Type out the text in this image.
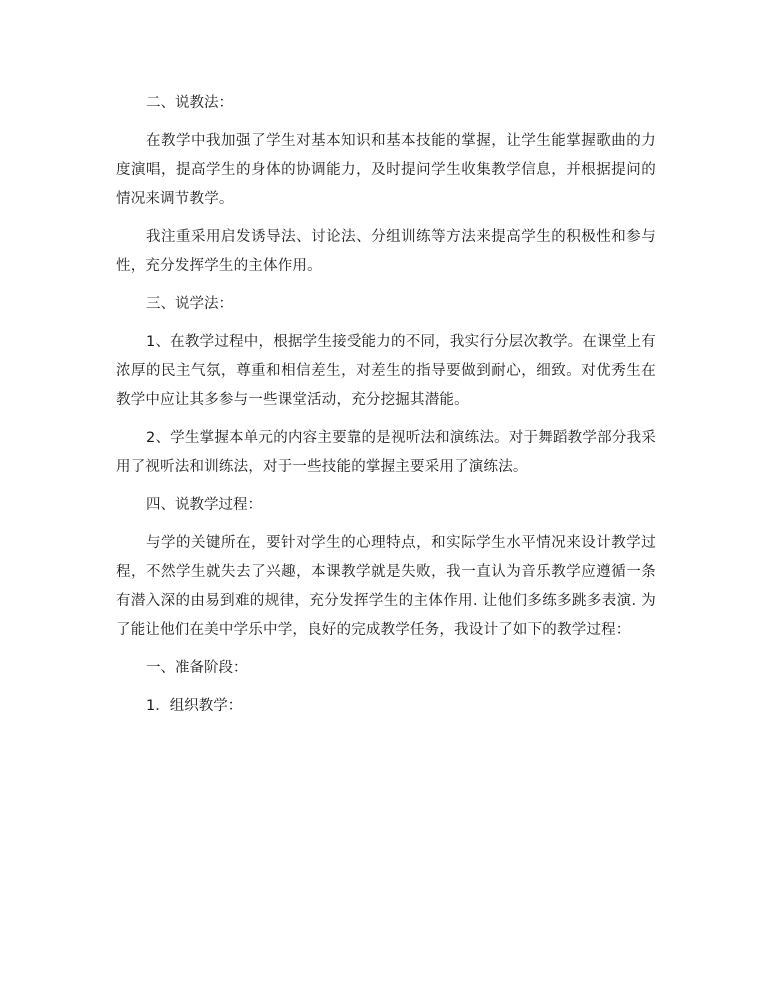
二、说教法：

在教学中我加强了学生对基本知识和基本技能的掌握，让学生能掌握歌曲的力度演唱，提高学生的身体的协调能力，及时提问学生收集教学信息，并根据提问的情况来调节教学。

我注重采用启发诱导法、讨论法、分组训练等方法来提高学生的积极性和参与性，充分发挥学生的主体作用。

三、说学法：

1、在教学过程中，根据学生接受能力的不同，我实行分层次教学。在课堂上有浓厚的民主气氛，尊重和相信差生，对差生的指导要做到耐心，细致。对优秀生在教学中应让其多参与一些课堂活动，充分挖掘其潜能。

2、学生掌握本单元的内容主要靠的是视听法和演练法。对于舞蹈教学部分我采用了视听法和训练法，对于一些技能的掌握主要采用了演练法。

四、说教学过程：

与学的关键所在，要针对学生的心理特点，和实际学生水平情况来设计教学过程，不然学生就失去了兴趣，本课教学就是失败，我一直认为音乐教学应遵循一条有潜入深的由易到难的规律，充分发挥学生的主体作用. 让他们多练多跳多表演. 为了能让他们在美中学乐中学，良好的完成教学任务，我设计了如下的教学过程：

一、准备阶段：

1．组织教学：
